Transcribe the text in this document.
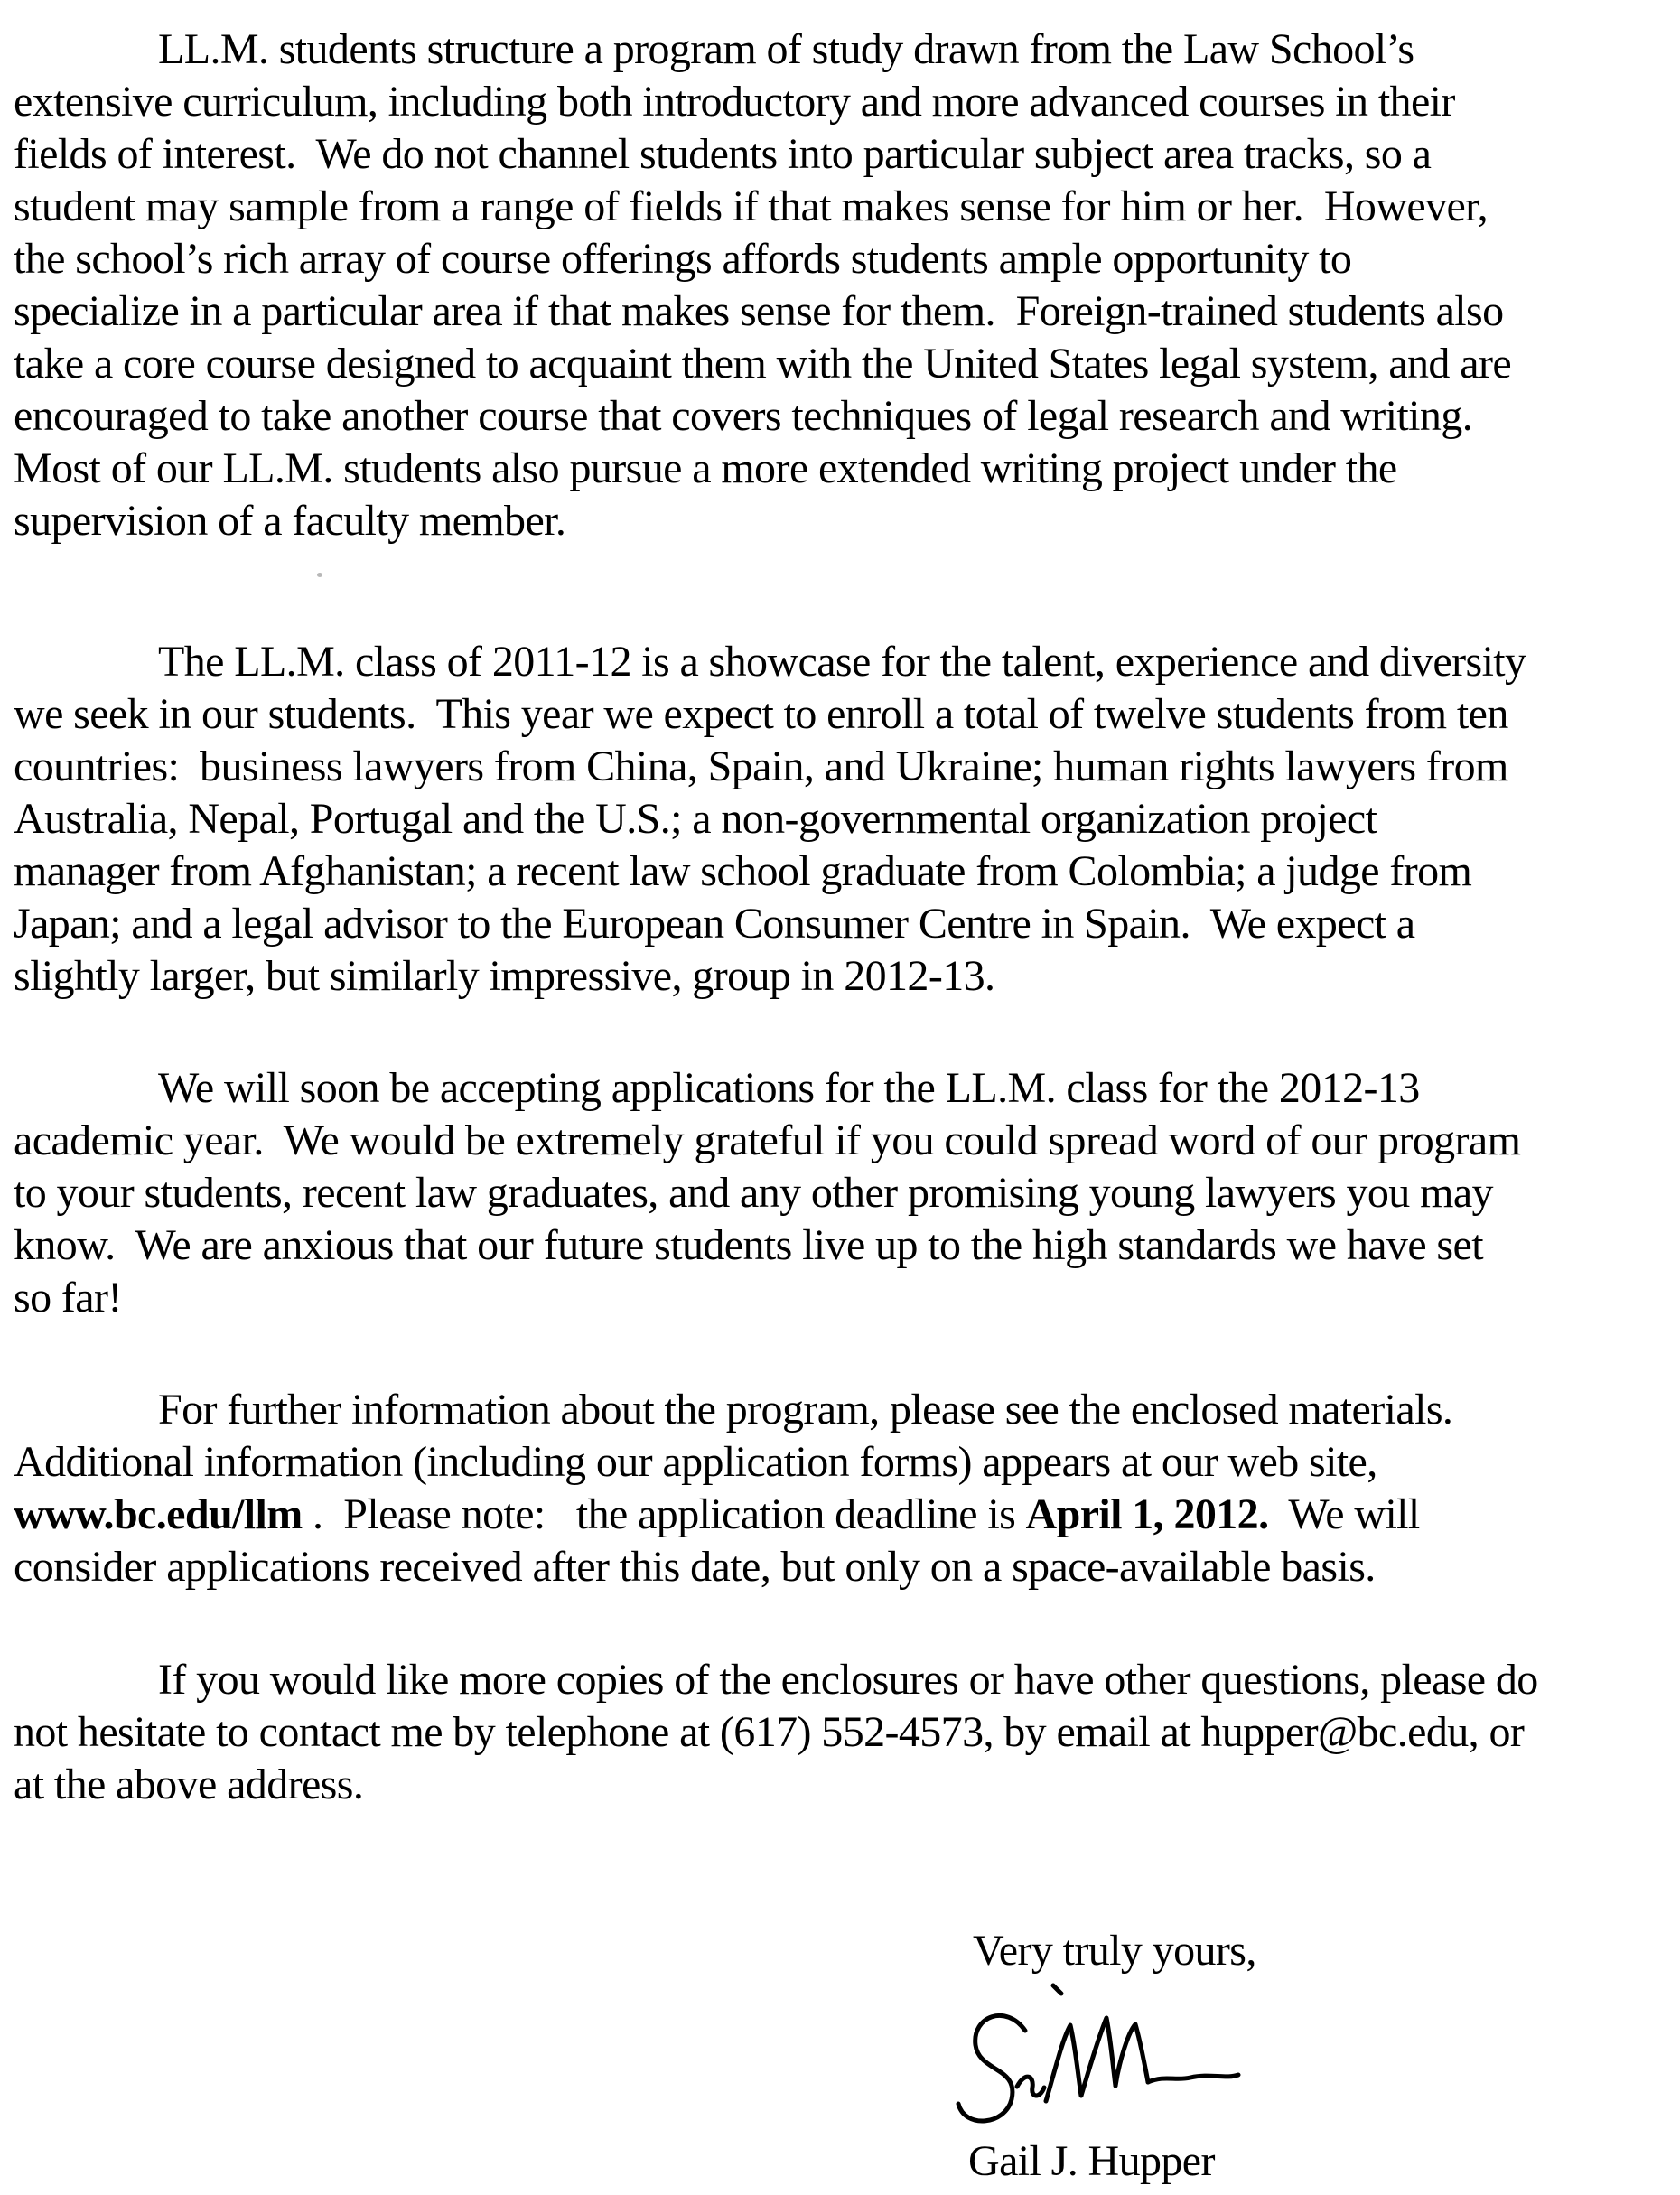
LL.M. students structure a program of study drawn from the Law School’s
extensive curriculum, including both introductory and more advanced courses in their
fields of interest.  We do not channel students into particular subject area tracks, so a
student may sample from a range of fields if that makes sense for him or her.  However,
the school’s rich array of course offerings affords students ample opportunity to
specialize in a particular area if that makes sense for them.  Foreign-trained students also
take a core course designed to acquaint them with the United States legal system, and are
encouraged to take another course that covers techniques of legal research and writing.
Most of our LL.M. students also pursue a more extended writing project under the
supervision of a faculty member.
The LL.M. class of 2011-12 is a showcase for the talent, experience and diversity
we seek in our students.  This year we expect to enroll a total of twelve students from ten
countries:  business lawyers from China, Spain, and Ukraine; human rights lawyers from
Australia, Nepal, Portugal and the U.S.; a non-governmental organization project
manager from Afghanistan; a recent law school graduate from Colombia; a judge from
Japan; and a legal advisor to the European Consumer Centre in Spain.  We expect a
slightly larger, but similarly impressive, group in 2012-13.
We will soon be accepting applications for the LL.M. class for the 2012-13
academic year.  We would be extremely grateful if you could spread word of our program
to your students, recent law graduates, and any other promising young lawyers you may
know.  We are anxious that our future students live up to the high standards we have set
so far!
For further information about the program, please see the enclosed materials.
Additional information (including our application forms) appears at our web site,
www.bc.edu/llm .  Please note:   the application deadline is April 1, 2012.  We will
consider applications received after this date, but only on a space-available basis.
If you would like more copies of the enclosures or have other questions, please do
not hesitate to contact me by telephone at (617) 552-4573, by email at hupper@bc.edu, or
at the above address.
Very truly yours,
Gail J. Hupper
